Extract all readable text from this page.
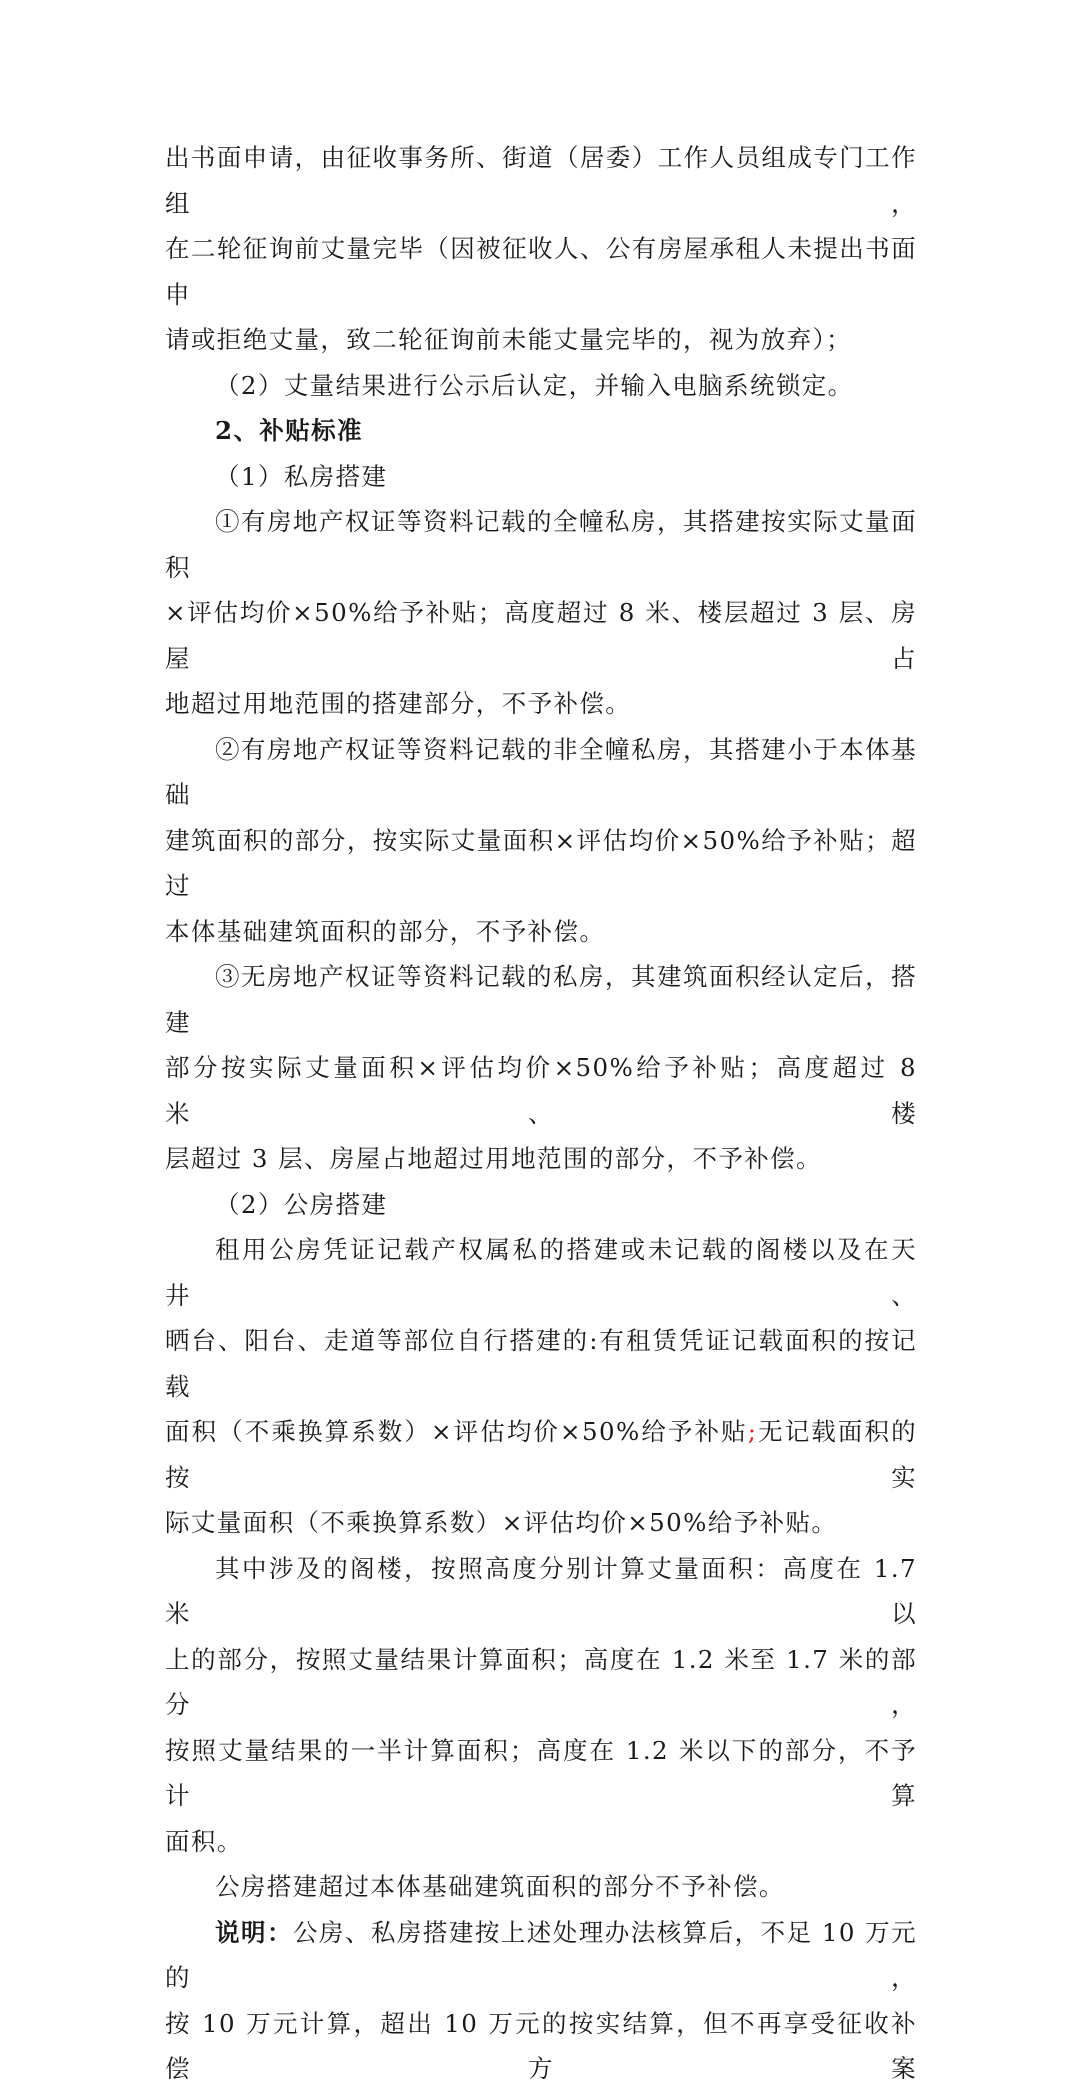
出书面申请，由征收事务所、街道（居委）工作人员组成专门工作组，

在二轮征询前丈量完毕（因被征收人、公有房屋承租人未提出书面申

请或拒绝丈量，致二轮征询前未能丈量完毕的，视为放弃）；

（2）丈量结果进行公示后认定，并输入电脑系统锁定。

2、补贴标准

（1）私房搭建

①有房地产权证等资料记载的全幢私房，其搭建按实际丈量面积

×评估均价×50%给予补贴；高度超过 8 米、楼层超过 3 层、房屋占

地超过用地范围的搭建部分，不予补偿。

②有房地产权证等资料记载的非全幢私房，其搭建小于本体基础

建筑面积的部分，按实际丈量面积×评估均价×50%给予补贴；超过

本体基础建筑面积的部分，不予补偿。

③无房地产权证等资料记载的私房，其建筑面积经认定后，搭建

部分按实际丈量面积×评估均价×50%给予补贴；高度超过 8 米、楼

层超过 3 层、房屋占地超过用地范围的部分，不予补偿。

（2）公房搭建

租用公房凭证记载产权属私的搭建或未记载的阁楼以及在天井、

晒台、阳台、走道等部位自行搭建的:有租赁凭证记载面积的按记载

面积（不乘换算系数）×评估均价×50%给予补贴;无记载面积的按实

际丈量面积（不乘换算系数）×评估均价×50%给予补贴。

其中涉及的阁楼，按照高度分别计算丈量面积：高度在 1.7 米以

上的部分，按照丈量结果计算面积；高度在 1.2 米至 1.7 米的部分，

按照丈量结果的一半计算面积；高度在 1.2 米以下的部分，不予计算

面积。

公房搭建超过本体基础建筑面积的部分不予补偿。

说明：公房、私房搭建按上述处理办法核算后，不足 10 万元的，

按 10 万元计算，超出 10 万元的按实结算，但不再享受征收补偿方案
